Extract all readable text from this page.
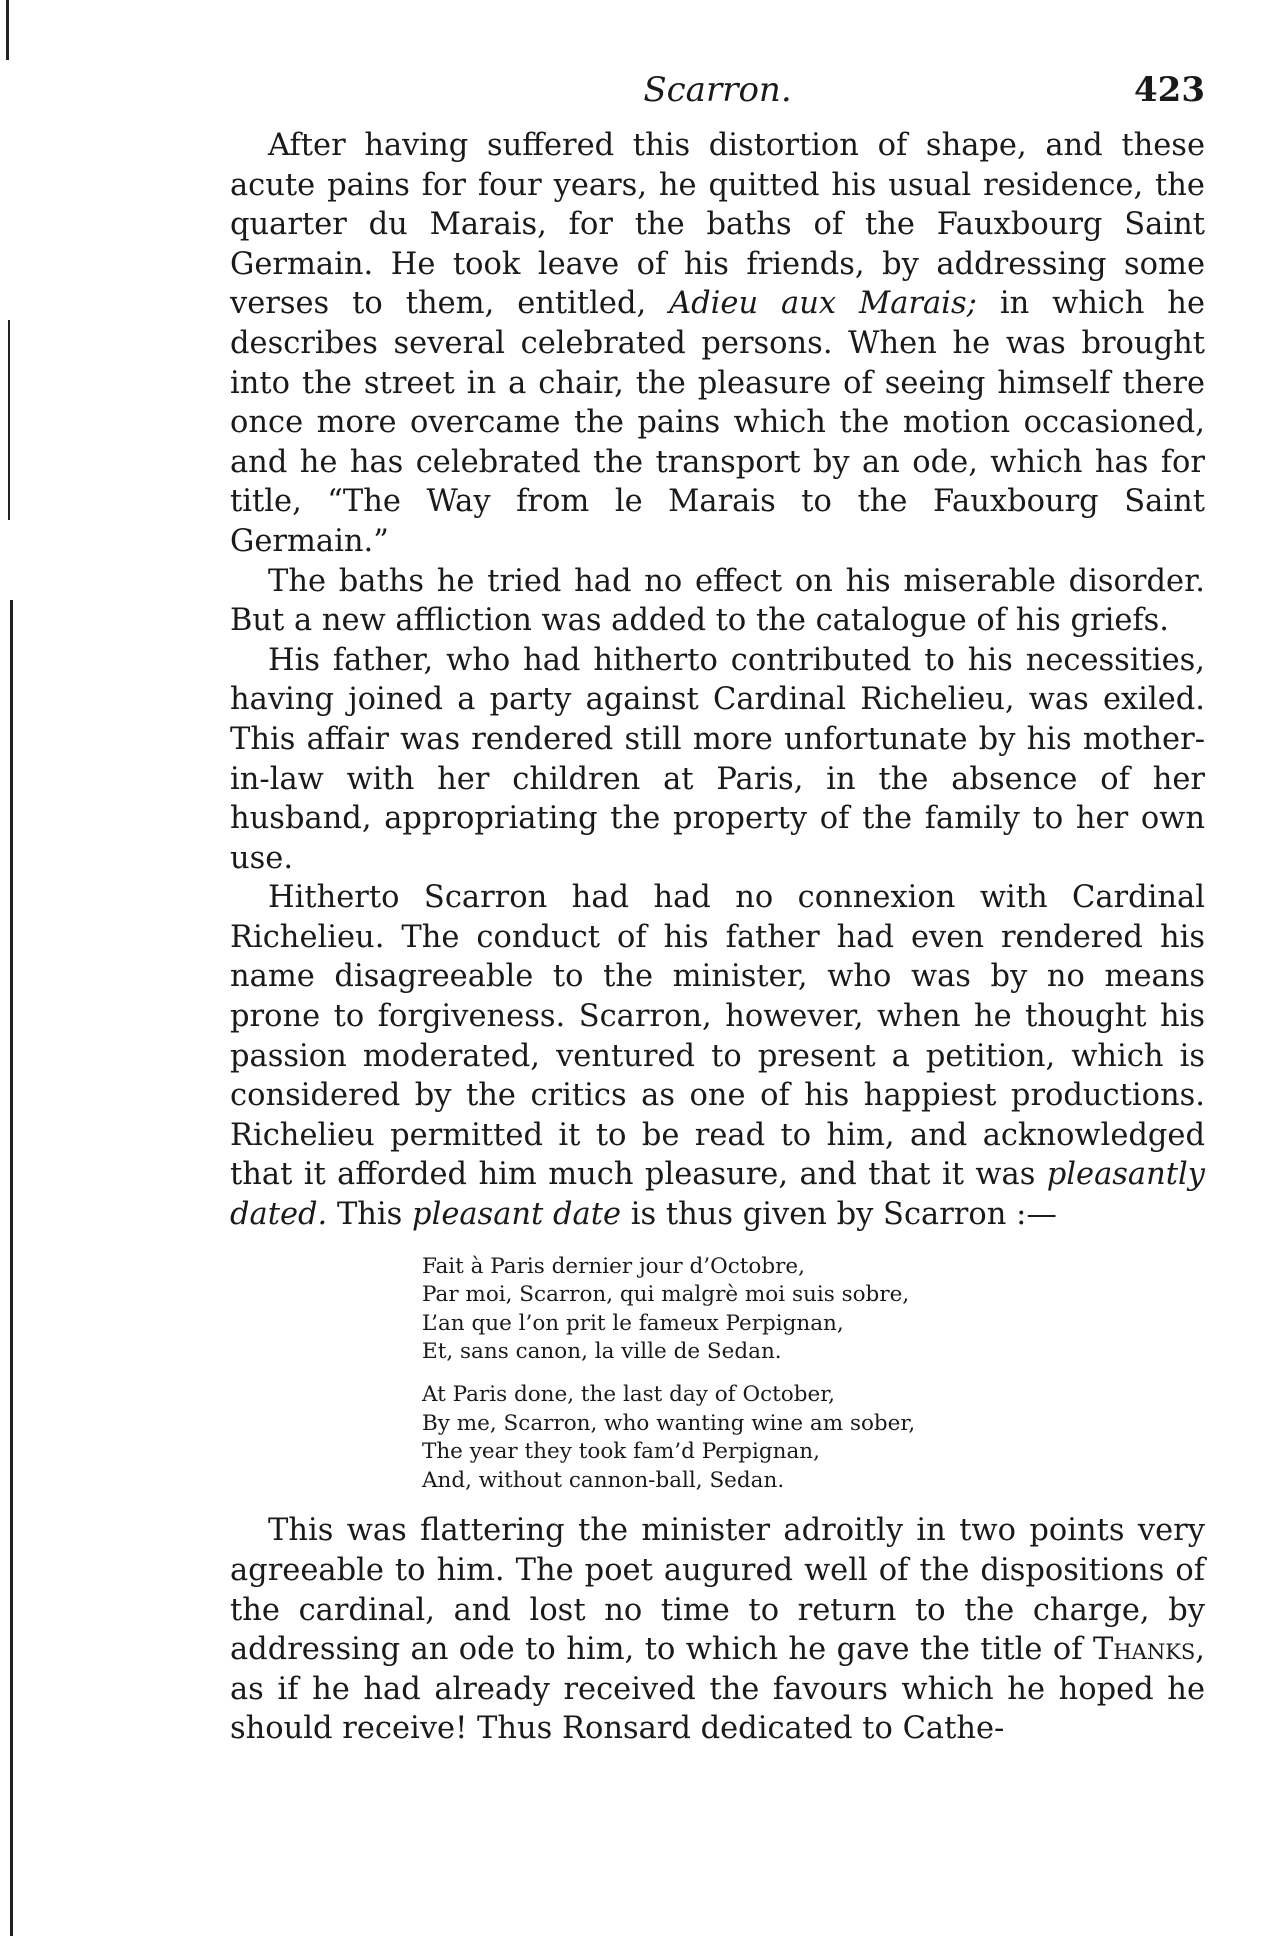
Scarron.	423

After having suffered this distortion of shape, and these acute pains for four years, he quitted his usual residence, the quarter du Marais, for the baths of the Fauxbourg Saint Germain. He took leave of his friends, by addressing some verses to them, entitled, Adieu aux Marais; in which he describes several celebrated persons. When he was brought into the street in a chair, the pleasure of seeing himself there once more overcame the pains which the motion occasioned, and he has celebrated the transport by an ode, which has for title, “The Way from le Marais to the Fauxbourg Saint Germain.”

The baths he tried had no effect on his miserable disorder. But a new affliction was added to the catalogue of his griefs.

His father, who had hitherto contributed to his necessities, having joined a party against Cardinal Richelieu, was exiled. This affair was rendered still more unfortunate by his mother-in-law with her children at Paris, in the absence of her husband, appropriating the property of the family to her own use.

Hitherto Scarron had had no connexion with Cardinal Richelieu. The conduct of his father had even rendered his name disagreeable to the minister, who was by no means prone to forgiveness. Scarron, however, when he thought his passion moderated, ventured to present a petition, which is considered by the critics as one of his happiest productions. Richelieu permitted it to be read to him, and acknowledged that it afforded him much pleasure, and that it was pleasantly dated. This pleasant date is thus given by Scarron :—

Fait à Paris dernier jour d’Octobre,
Par moi, Scarron, qui malgrè moi suis sobre,
L’an que l’on prit le fameux Perpignan,
Et, sans canon, la ville de Sedan.
At Paris done, the last day of October,
By me, Scarron, who wanting wine am sober,
The year they took fam’d Perpignan,
And, without cannon-ball, Sedan.

This was flattering the minister adroitly in two points very agreeable to him. The poet augured well of the dispositions of the cardinal, and lost no time to return to the charge, by addressing an ode to him, to which he gave the title of Thanks, as if he had already received the favours which he hoped he should receive! Thus Ronsard dedicated to Cathe-
